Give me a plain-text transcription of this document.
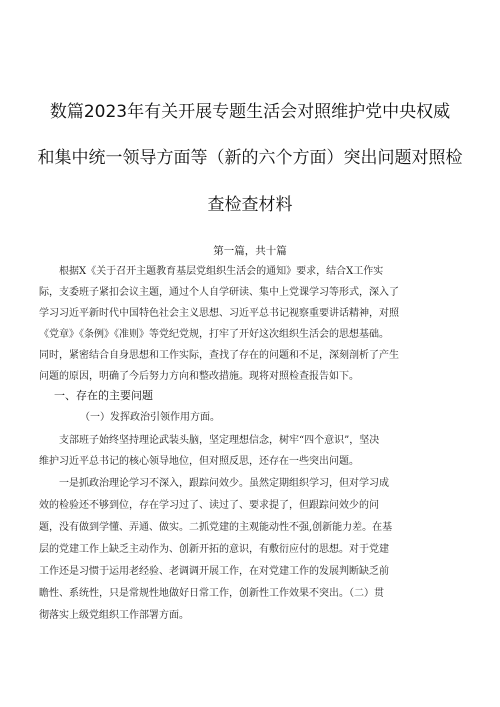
数篇2023年有关开展专题生活会对照维护党中央权威
和集中统一领导方面等（新的六个方面）突出问题对照检
查检查材料
第一篇，共十篇
根据X《关于召开主题教育基层党组织生活会的通知》要求，结合X工作实
际，支委班子紧扣会议主题，通过个人自学研读、集中上党课学习等形式，深入了
学习习近平新时代中国特色社会主义思想、习近平总书记视察重要讲话精神，对照
《党章》《条例》《准则》等党纪党规，打牢了开好这次组织生活会的思想基础。
同时，紧密结合自身思想和工作实际，查找了存在的问题和不足，深刻剖析了产生
问题的原因，明确了今后努力方向和整改措施。现将对照检查报告如下。
一、存在的主要问题
（一）发挥政治引领作用方面。
支部班子始终坚持理论武装头脑，坚定理想信念，树牢“四个意识”，坚决
维护习近平总书记的核心领导地位，但对照反思，还存在一些突出问题。
一是抓政治理论学习不深入，跟踪问效少。虽然定期组织学习，但对学习成
效的检验还不够到位，存在学习过了、读过了、要求提了，但跟踪问效少的问
题，没有做到学懂、弄通、做实。二抓党建的主观能动性不强,创新能力差。在基
层的党建工作上缺乏主动作为、创新开拓的意识，有敷衍应付的思想。对于党建
工作还是习惯于运用老经验、老调调开展工作，在对党建工作的发展判断缺乏前
瞻性、系统性，只是常规性地做好日常工作，创新性工作效果不突出。（二）贯
彻落实上级党组织工作部署方面。
